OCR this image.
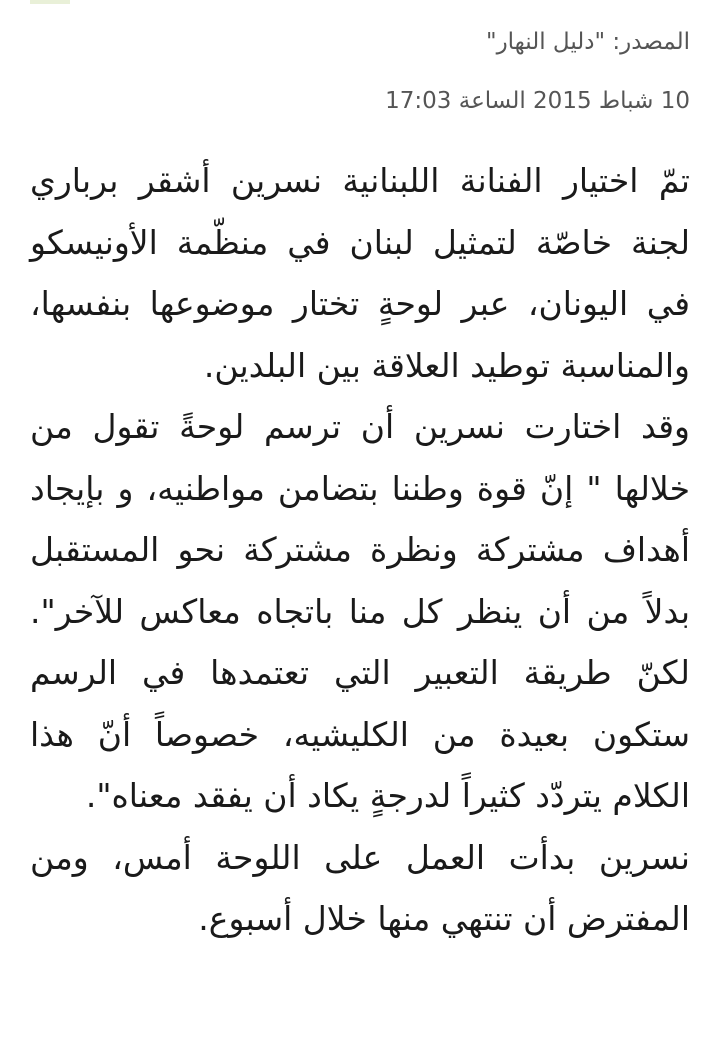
المصدر: "دليل النهار"
10 شباط 2015 الساعة 17:03

تمّ اختيار الفنانة اللبنانية نسرين أشقر برباري لجنة خاصّة لتمثيل لبنان في منظّمة الأونيسكو في اليونان، عبر لوحةٍ تختار موضوعها بنفسها، والمناسبة توطيد العلاقة بين البلدين.

وقد اختارت نسرين أن ترسم لوحةً تقول من خلالها " إنّ قوة وطننا بتضامن مواطنيه، و بإيجاد أهداف مشتركة ونظرة مشتركة نحو المستقبل بدلاً من أن ينظر كل منا باتجاه معاكس للآخر". لكنّ طريقة التعبير التي تعتمدها في الرسم ستكون بعيدة من الكليشيه، خصوصاً أنّ هذا الكلام يتردّد كثيراً لدرجةٍ يكاد أن يفقد معناه".

نسرين بدأت العمل على اللوحة أمس، ومن المفترض أن تنتهي منها خلال أسبوع.
